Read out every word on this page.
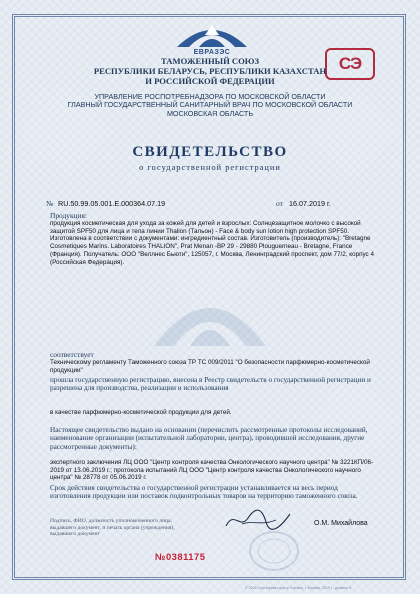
ЕВРАЗЭС
СЭ
ТАМОЖЕННЫЙ СОЮЗ
РЕСПУБЛИКИ БЕЛАРУСЬ, РЕСПУБЛИКИ КАЗАХСТАН
И РОССИЙСКОЙ ФЕДЕРАЦИИ
УПРАВЛЕНИЕ РОСПОТРЕБНАДЗОРА ПО МОСКОВСКОЙ ОБЛАСТИ
ГЛАВНЫЙ ГОСУДАРСТВЕННЫЙ САНИТАРНЫЙ ВРАЧ ПО МОСКОВСКОЙ ОБЛАСТИ
МОСКОВСКАЯ ОБЛАСТЬ

СВИДЕТЕЛЬСТВО
о государственной регистрации
№ RU.50.99.05.001.E.000364.07.19	от 16.07.2019 г.
Продукция:
продукция косметическая для ухода за кожей для детей и взрослых: Солнцезащитное молочко с высокой защитой SPF50 для лица и тела линии Thalion (Тальон) - Face & body sun lotion high protection SPF50. Изготовлена в соответствии с документами: ингредиентный состав. Изготовитель (производитель): "Bretagne Cosmetiques Marins. Laboratoires THALION", Prat Menan -BP 29 - 29880 Plouguerneau - Bretagne, France (Франция). Получатель: ООО "Веллнес Бьюти", 125057, г. Москва, Ленинградский проспект, дом 77/2, корпус 4 (Российская Федерация).
соответствует
Техническому регламенту Таможенного союза ТР ТС 009/2011 "О безопасности парфюмерно-косметической продукции"
прошла государственную регистрацию, внесена в Реестр свидетельств о государственной регистрации и разрешена для производства, реализации и использования
в качестве парфюмерно-косметической продукции для детей.
Настоящее свидетельство выдано на основании (перечислить рассмотренные протоколы исследований, наименование организации (испытательной лаборатории, центра), проводившей исследования, другие рассмотренные документы):
экспертного заключения ЛЦ ООО "Центр контроля качества Онкологического научного центра" № 3221КП/06-2019 от 13.06.2019 г.; протокола испытаний ЛЦ ООО "Центр контроля качества Онкологического научного центра" № 28778 от 05.06.2019 г.
Срок действия свидетельства о государственной регистрации устанавливается на весь период изготовления продукции или поставок подконтрольных товаров на территорию таможенного союза.
Подпись, ФИО, должность уполномоченного лица, выдавшего документ, и печать органа (учреждения), выдавшего документ
О.М. Михайлова
№0381175
© 2009 Сертификат-центр Гознака, г. Москва, 2019 г., уровень Б
